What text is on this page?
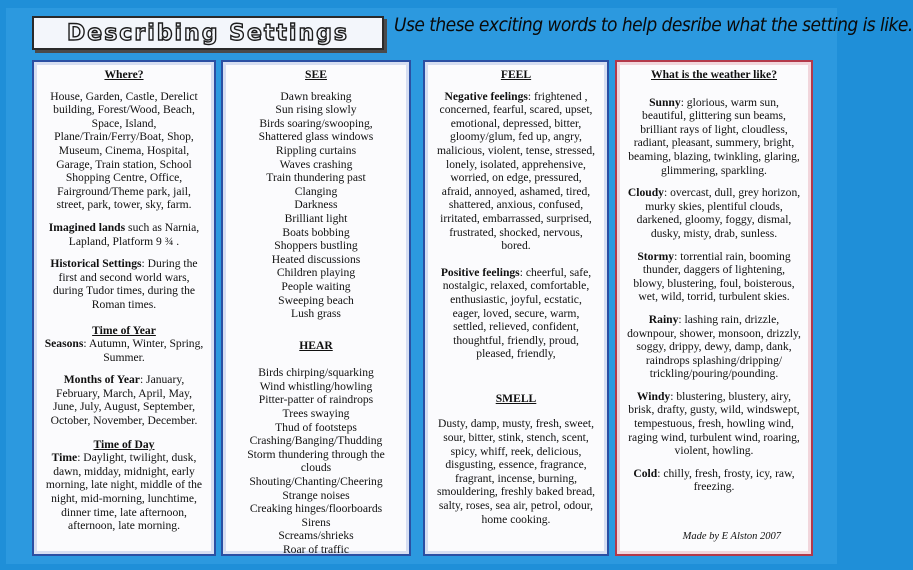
Describing Settings	Use these exciting words to help desribe what the setting is like.
Where?
House, Garden, Castle, Derelict building, Forest/Wood, Beach, Space, Island, Plane/Train/Ferry/Boat, Shop, Museum, Cinema, Hospital, Garage, Train station, School Shopping Centre, Office, Fairground/Theme park, jail, street, park, tower, sky, farm.
Imagined lands such as Narnia, Lapland, Platform 9 ¾ .
Historical Settings: During the first and second world wars, during Tudor times, during the Roman times.
Time of Year
Seasons: Autumn, Winter, Spring, Summer.
Months of Year: January, February, March, April, May, June, July, August, September, October, November, December.
Time of Day
Time: Daylight, twilight, dusk, dawn, midday, midnight, early morning, late night, middle of the night, mid-morning, lunchtime, dinner time, late afternoon, afternoon, late morning.
SEE
Dawn breaking
Sun rising slowly
Birds soaring/swooping,
Shattered glass windows
Rippling curtains
Waves crashing
Train thundering past
Clanging
Darkness
Brilliant light
Boats bobbing
Shoppers bustling
Heated discussions
Children playing
People waiting
Sweeping beach
Lush grass
HEAR
Birds chirping/squarking
Wind whistling/howling
Pitter-patter of raindrops
Trees swaying
Thud of footsteps
Crashing/Banging/Thudding
Storm thundering through the clouds
Shouting/Chanting/Cheering
Strange noises
Creaking hinges/floorboards
Sirens
Screams/shrieks
Roar of traffic
FEEL
Negative feelings: frightened , concerned, fearful, scared, upset, emotional, depressed, bitter, gloomy/glum, fed up, angry, malicious, violent, tense, stressed, lonely, isolated, apprehensive, worried, on edge, pressured, afraid, annoyed, ashamed, tired, shattered, anxious, confused, irritated, embarrassed, surprised, frustrated, shocked, nervous, bored.
Positive feelings: cheerful, safe, nostalgic, relaxed, comfortable, enthusiastic, joyful, ecstatic, eager, loved, secure, warm, settled, relieved, confident, thoughtful, friendly, proud, pleased, friendly,
SMELL
Dusty, damp, musty, fresh, sweet, sour, bitter, stink, stench, scent, spicy, whiff, reek, delicious, disgusting, essence, fragrance, fragrant, incense, burning, smouldering, freshly baked bread, salty, roses, sea air, petrol, odour, home cooking.
What is the weather like?
Sunny: glorious, warm sun, beautiful, glittering sun beams, brilliant rays of light, cloudless, radiant, pleasant, summery, bright, beaming, blazing, twinkling, glaring, glimmering, sparkling.
Cloudy: overcast, dull, grey horizon, murky skies, plentiful clouds, darkened, gloomy, foggy, dismal, dusky, misty, drab, sunless.
Stormy: torrential rain, booming thunder, daggers of lightening, blowy, blustering, foul, boisterous, wet, wild, torrid, turbulent skies.
Rainy: lashing rain, drizzle, downpour, shower, monsoon, drizzly, soggy, drippy, dewy, damp, dank, raindrops splashing/dripping/ trickling/pouring/pounding.
Windy: blustering, blustery, airy, brisk, drafty, gusty, wild, windswept, tempestuous, fresh, howling wind, raging wind, turbulent wind, roaring, violent, howling.
Cold: chilly, fresh, frosty, icy, raw, freezing.
Made by E Alston 2007
